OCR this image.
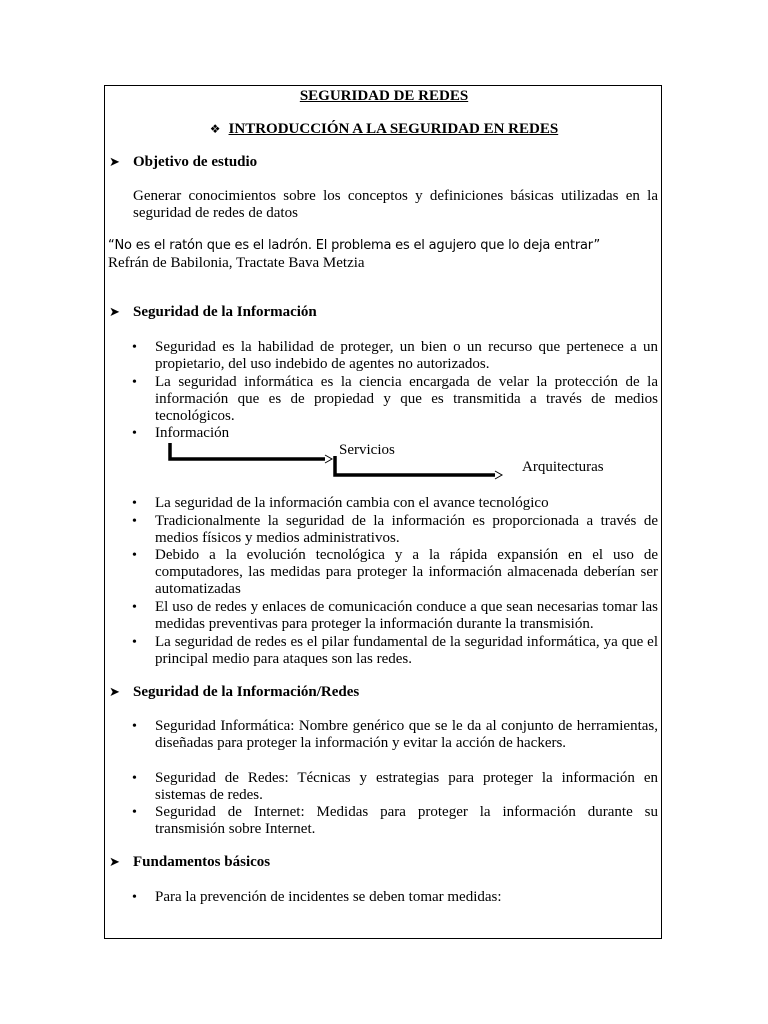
SEGURIDAD DE REDES
❖ INTRODUCCIÓN A LA SEGURIDAD EN REDES
➤ Objetivo de estudio
Generar conocimientos sobre los conceptos y definiciones básicas utilizadas en la seguridad de redes de datos
“No es el ratón que es el ladrón. El problema es el agujero que lo deja entrar”
Refrán de Babilonia, Tractate Bava Metzia
➤ Seguridad de la Información
• Seguridad es la habilidad de proteger, un bien o un recurso que pertenece a un propietario, del uso indebido de agentes no autorizados.
• La seguridad informática es la ciencia encargada de velar la protección de la información que es de propiedad y que es transmitida a través de medios tecnológicos.
• Información
Servicios
Arquitecturas
• La seguridad de la información cambia con el avance tecnológico
• Tradicionalmente la seguridad de la información es proporcionada a través de medios físicos y medios administrativos.
• Debido a la evolución tecnológica y a la rápida expansión en el uso de computadores, las medidas para proteger la información almacenada deberían ser automatizadas
• El uso de redes y enlaces de comunicación conduce a que sean necesarias tomar las medidas preventivas para proteger la información durante la transmisión.
• La seguridad de redes es el pilar fundamental de la seguridad informática, ya que el principal medio para ataques son las redes.
➤ Seguridad de la Información/Redes
• Seguridad Informática: Nombre genérico que se le da al conjunto de herramientas, diseñadas para proteger la información y evitar la acción de hackers.
• Seguridad de Redes: Técnicas y estrategias para proteger la información en sistemas de redes.
• Seguridad de Internet: Medidas para proteger la información durante su transmisión sobre Internet.
➤ Fundamentos básicos
• Para la prevención de incidentes se deben tomar medidas:
